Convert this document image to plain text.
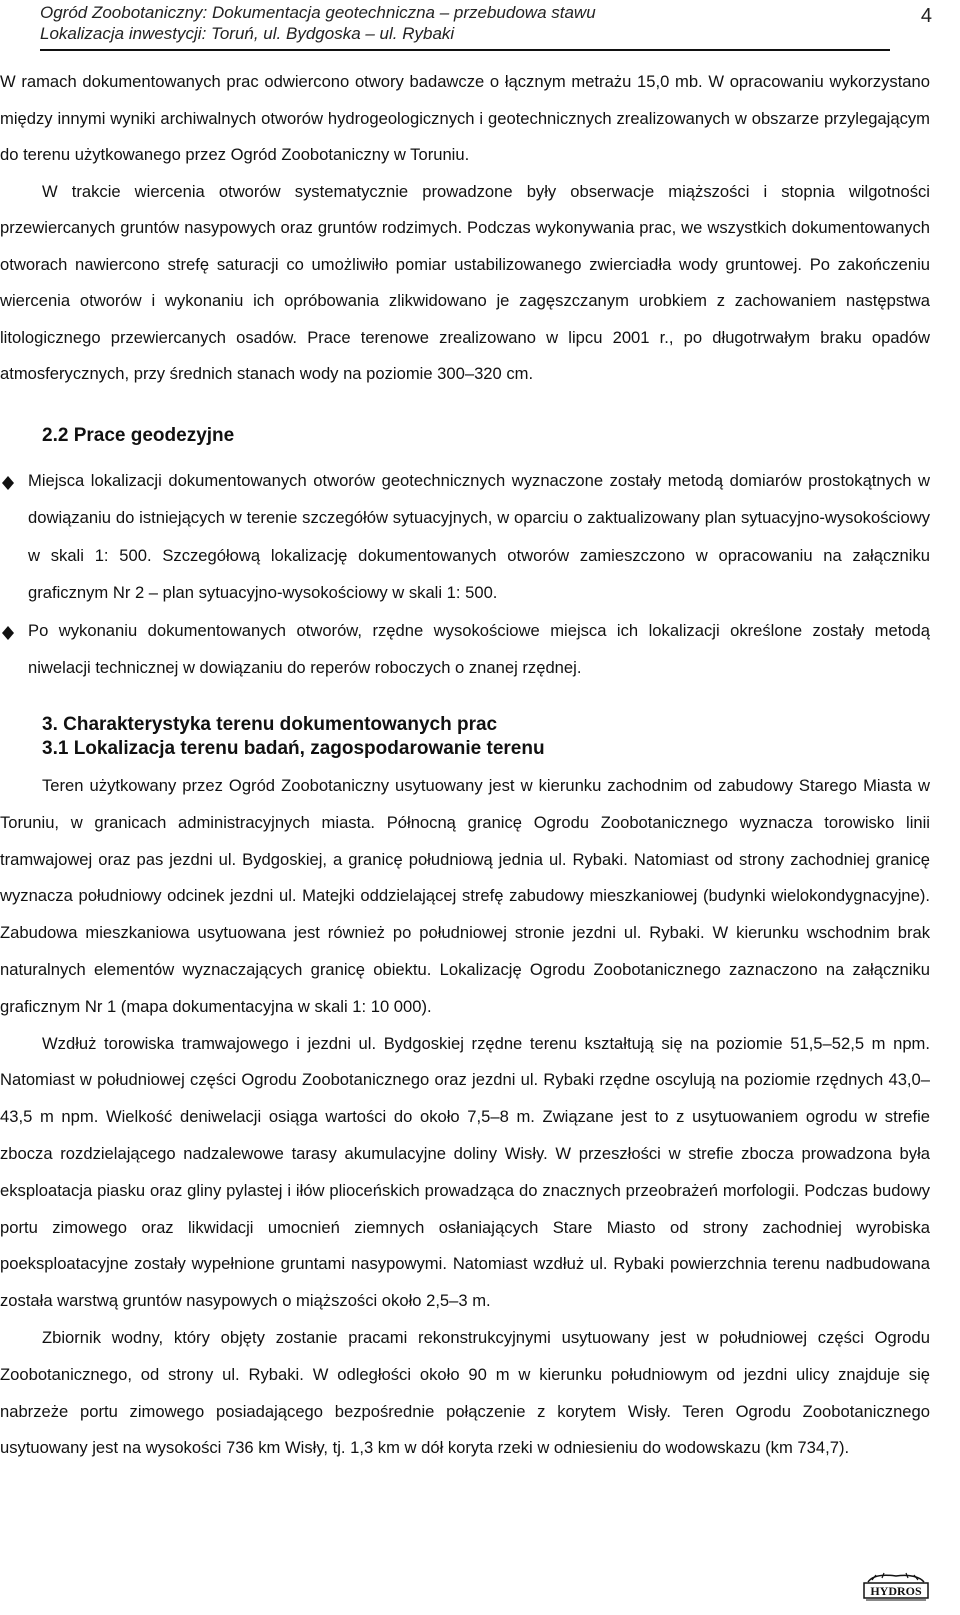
Ogród Zoobotaniczny: Dokumentacja geotechniczna – przebudowa stawu
Lokalizacja inwestycji: Toruń, ul. Bydgoska – ul. Rybaki
4

W ramach dokumentowanych prac odwiercono otwory badawcze o łącznym metrażu 15,0 mb. W opracowaniu wykorzystano między innymi wyniki archiwalnych otworów hydrogeologicznych i geotechnicznych zrealizowanych w obszarze przylegającym do terenu użytkowanego przez Ogród Zoobotaniczny w Toruniu.

W trakcie wiercenia otworów systematycznie prowadzone były obserwacje miąższości i stopnia wilgotności przewiercanych gruntów nasypowych oraz gruntów rodzimych. Podczas wykonywania prac, we wszystkich dokumentowanych otworach nawiercono strefę saturacji co umożliwiło pomiar ustabilizowanego zwierciadła wody gruntowej. Po zakończeniu wiercenia otworów i wykonaniu ich opróbowania zlikwidowano je zagęszczanym urobkiem z zachowaniem następstwa litologicznego przewiercanych osadów. Prace terenowe zrealizowano w lipcu 2001 r., po długotrwałym braku opadów atmosferycznych, przy średnich stanach wody na poziomie 300–320 cm.

2.2 Prace geodezyjne

Miejsca lokalizacji dokumentowanych otworów geotechnicznych wyznaczone zostały metodą domiarów prostokątnych w dowiązaniu do istniejących w terenie szczegółów sytuacyjnych, w oparciu o zaktualizowany plan sytuacyjno-wysokościowy w skali 1: 500. Szczegółową lokalizację dokumentowanych otworów zamieszczono w opracowaniu na załączniku graficznym Nr 2 – plan sytuacyjno-wysokościowy w skali 1: 500.

Po wykonaniu dokumentowanych otworów, rzędne wysokościowe miejsca ich lokalizacji określone zostały metodą niwelacji technicznej w dowiązaniu do reperów roboczych o znanej rzędnej.

3. Charakterystyka terenu dokumentowanych prac
3.1 Lokalizacja terenu badań, zagospodarowanie terenu

Teren użytkowany przez Ogród Zoobotaniczny usytuowany jest w kierunku zachodnim od zabudowy Starego Miasta w Toruniu, w granicach administracyjnych miasta. Północną granicę Ogrodu Zoobotanicznego wyznacza torowisko linii tramwajowej oraz pas jezdni ul. Bydgoskiej, a granicę południową jednia ul. Rybaki. Natomiast od strony zachodniej granicę wyznacza południowy odcinek jezdni ul. Matejki oddzielającej strefę zabudowy mieszkaniowej (budynki wielokondygnacyjne). Zabudowa mieszkaniowa usytuowana jest również po południowej stronie jezdni ul. Rybaki. W kierunku wschodnim brak naturalnych elementów wyznaczających granicę obiektu. Lokalizację Ogrodu Zoobotanicznego zaznaczono na załączniku graficznym Nr 1 (mapa dokumentacyjna w skali 1: 10 000).

Wzdłuż torowiska tramwajowego i jezdni ul. Bydgoskiej rzędne terenu kształtują się na poziomie 51,5–52,5 m npm. Natomiast w południowej części Ogrodu Zoobotanicznego oraz jezdni ul. Rybaki rzędne oscylują na poziomie rzędnych 43,0–43,5 m npm. Wielkość deniwelacji osiąga wartości do około 7,5–8 m. Związane jest to z usytuowaniem ogrodu w strefie zbocza rozdzielającego nadzalewowe tarasy akumulacyjne doliny Wisły. W przeszłości w strefie zbocza prowadzona była eksploatacja piasku oraz gliny pylastej i iłów plioceńskich prowadząca do znacznych przeobrażeń morfologii. Podczas budowy portu zimowego oraz likwidacji umocnień ziemnych osłaniających Stare Miasto od strony zachodniej wyrobiska poeksploatacyjne zostały wypełnione gruntami nasypowymi. Natomiast wzdłuż ul. Rybaki powierzchnia terenu nadbudowana została warstwą gruntów nasypowych o miąższości około 2,5–3 m.

Zbiornik wodny, który objęty zostanie pracami rekonstrukcyjnymi usytuowany jest w południowej części Ogrodu Zoobotanicznego, od strony ul. Rybaki. W odległości około 90 m w kierunku południowym od jezdni ulicy znajduje się nabrzeże portu zimowego posiadającego bezpośrednie połączenie z korytem Wisły. Teren Ogrodu Zoobotanicznego usytuowany jest na wysokości 736 km Wisły, tj. 1,3 km w dół koryta rzeki w odniesieniu do wodowskazu (km 734,7).

HYDROS
